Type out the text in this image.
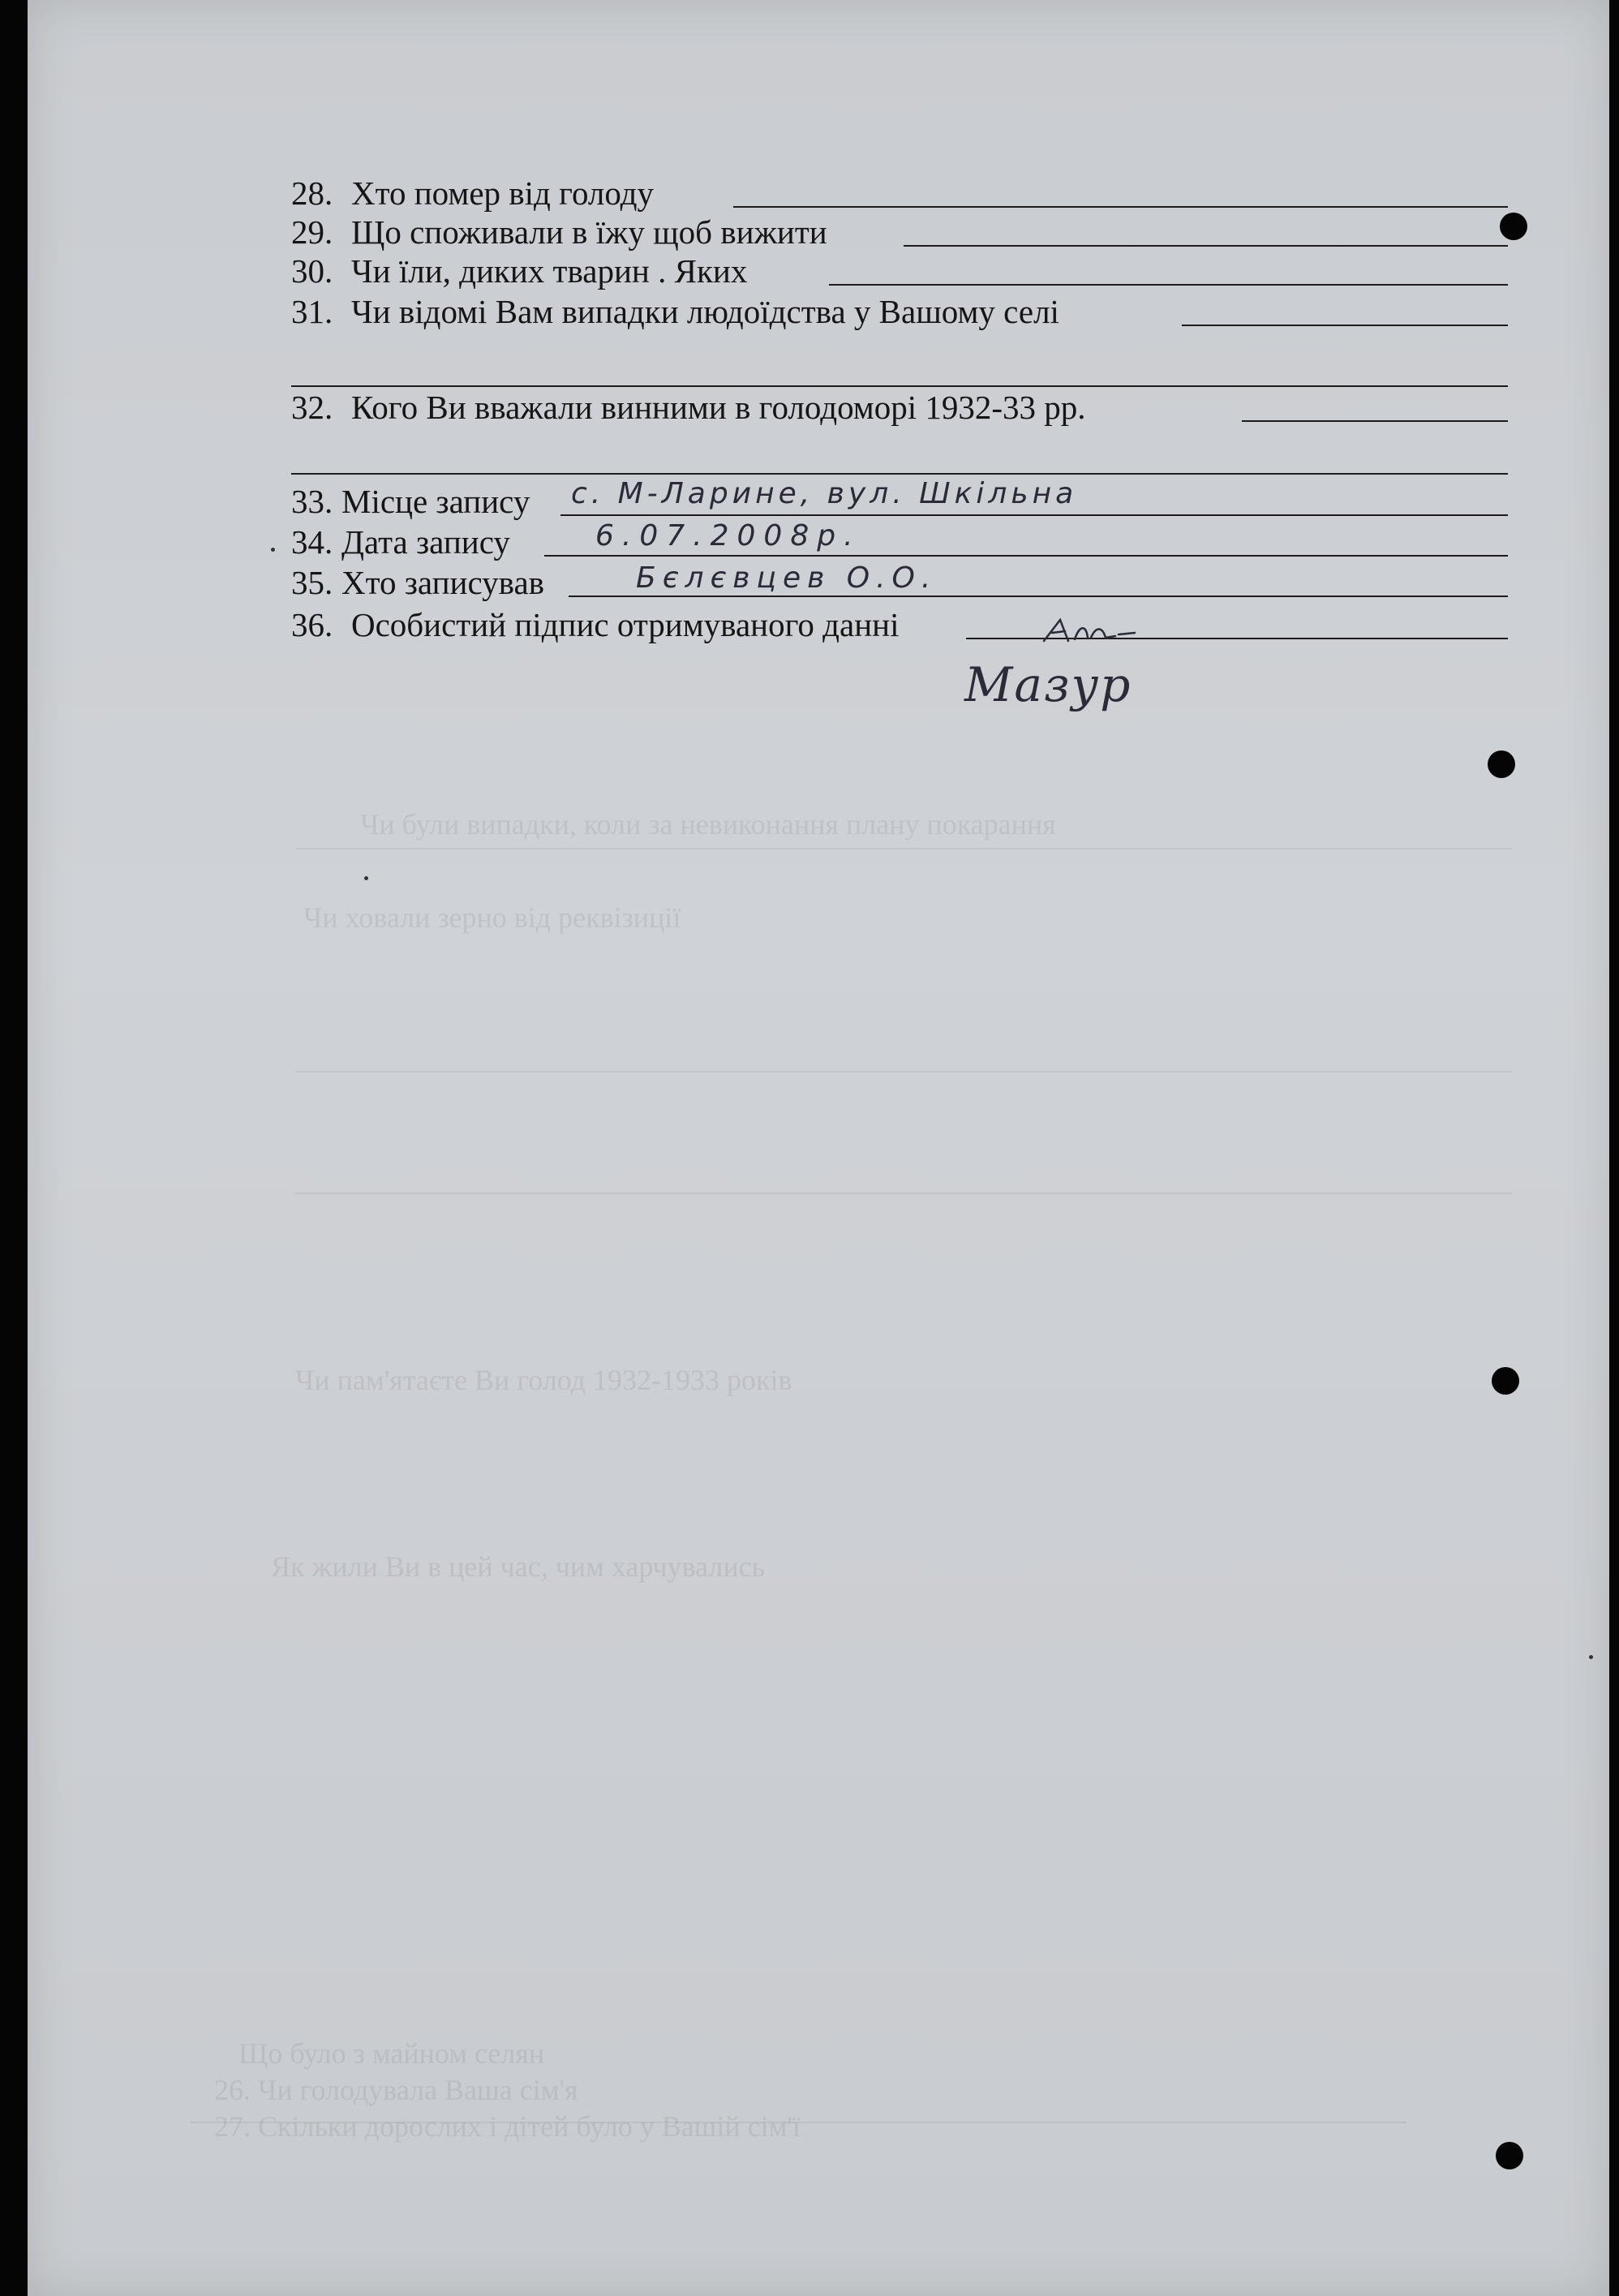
Чи були випадки, коли за невиконання плану покарання
Чи ховали зерно від реквізиції
Чи пам'ятаєте Ви голод 1932-1933 років
Як жили Ви в цей час, чим харчувались
Що було з майном селян
26. Чи голодувала Ваша сім'я
27. Скільки дорослих і дітей було у Вашій сім'ї
28. Хто помер від голоду
29. Що споживали в їжу щоб вижити
30. Чи їли, диких тварин . Яких
31. Чи відомі Вам випадки людоїдства у Вашому селі
32. Кого Ви вважали винними в голодоморі 1932-33 рр.
33. Місце запису с. М-Ларине, вул. Шкільна
34. Дата запису	6.07.2008р.
35. Хто записував	Бєлєвцев О.О.
36. Особистий підпис отримуваного данні
Мазур
